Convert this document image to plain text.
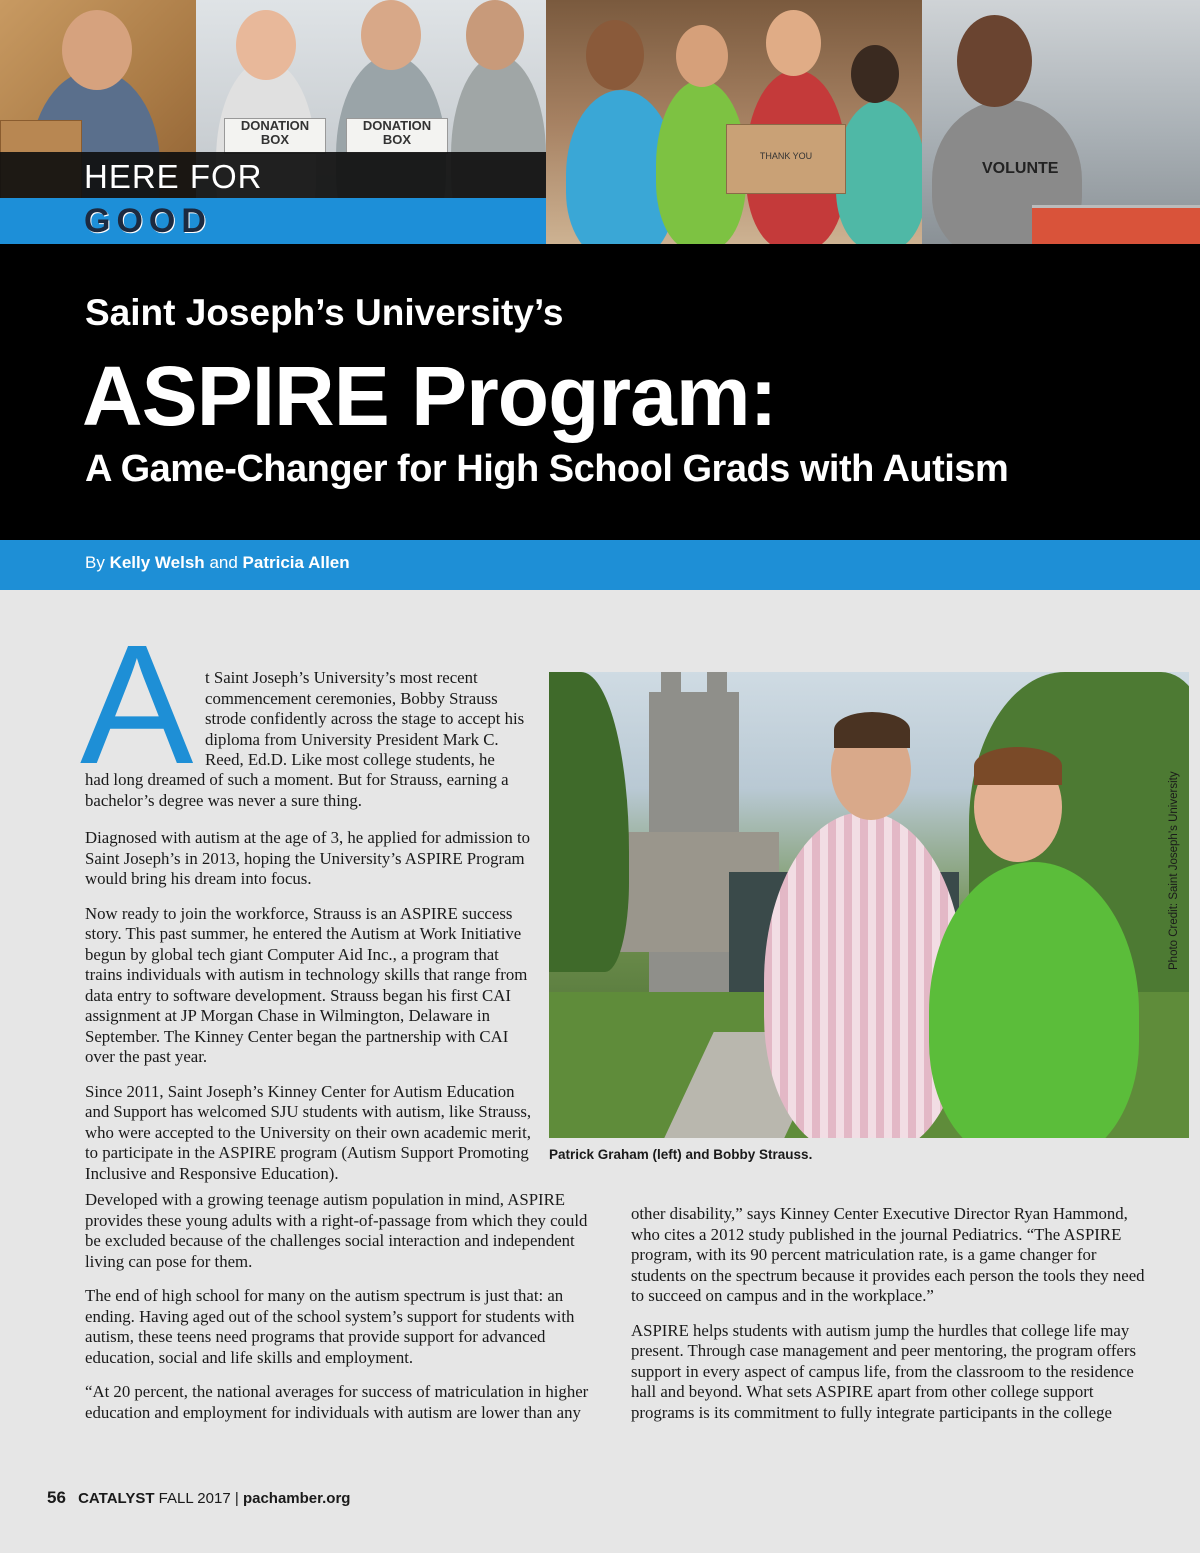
DONATION BOX
DONATION BOX
THANK YOU
VOLUNTE
HERE FOR
GOOD
Saint Joseph’s University’s
ASPIRE Program:
A Game-Changer for High School Grads with Autism
By Kelly Welsh and Patricia Allen
A t Saint Joseph’s University’s most recent commencement ceremonies, Bobby Strauss strode confidently across the stage to accept his diploma from University President Mark C. Reed, Ed.D. Like most college students, he

had long dreamed of such a moment. But for Strauss, earning a bachelor’s degree was never a sure thing.

Diagnosed with autism at the age of 3, he applied for admission to Saint Joseph’s in 2013, hoping the University’s ASPIRE Program would bring his dream into focus.

Now ready to join the workforce, Strauss is an ASPIRE success story. This past summer, he entered the Autism at Work Initiative begun by global tech giant Computer Aid Inc., a program that trains individuals with autism in technology skills that range from data entry to software development. Strauss began his first CAI assignment at JP Morgan Chase in Wilmington, Delaware in September. The Kinney Center began the partnership with CAI over the past year.

Since 2011, Saint Joseph’s Kinney Center for Autism Education and Support has welcomed SJU students with autism, like Strauss, who were accepted to the University on their own academic merit, to participate in the ASPIRE program (Autism Support Promoting Inclusive and Responsive Education).

Developed with a growing teenage autism population in mind, ASPIRE provides these young adults with a right-of-passage from which they could be excluded because of the challenges social interaction and independent living can pose for them.

The end of high school for many on the autism spectrum is just that: an ending. Having aged out of the school system’s support for students with autism, these teens need programs that provide support for advanced education, social and life skills and employment.

“At 20 percent, the national averages for success of matriculation in higher education and employment for individuals with autism are lower than any

other disability,” says Kinney Center Executive Director Ryan Hammond, who cites a 2012 study published in the journal Pediatrics. “The ASPIRE program, with its 90 percent matriculation rate, is a game changer for students on the spectrum because it provides each person the tools they need to succeed on campus and in the workplace.”

ASPIRE helps students with autism jump the hurdles that college life may present. Through case management and peer mentoring, the program offers support in every aspect of campus life, from the classroom to the residence hall and beyond. What sets ASPIRE apart from other college support programs is its commitment to fully integrate participants in the college

Photo Credit: Saint Joseph’s University
Patrick Graham (left) and Bobby Strauss.
56 CATALYST FALL 2017 | pachamber.org
